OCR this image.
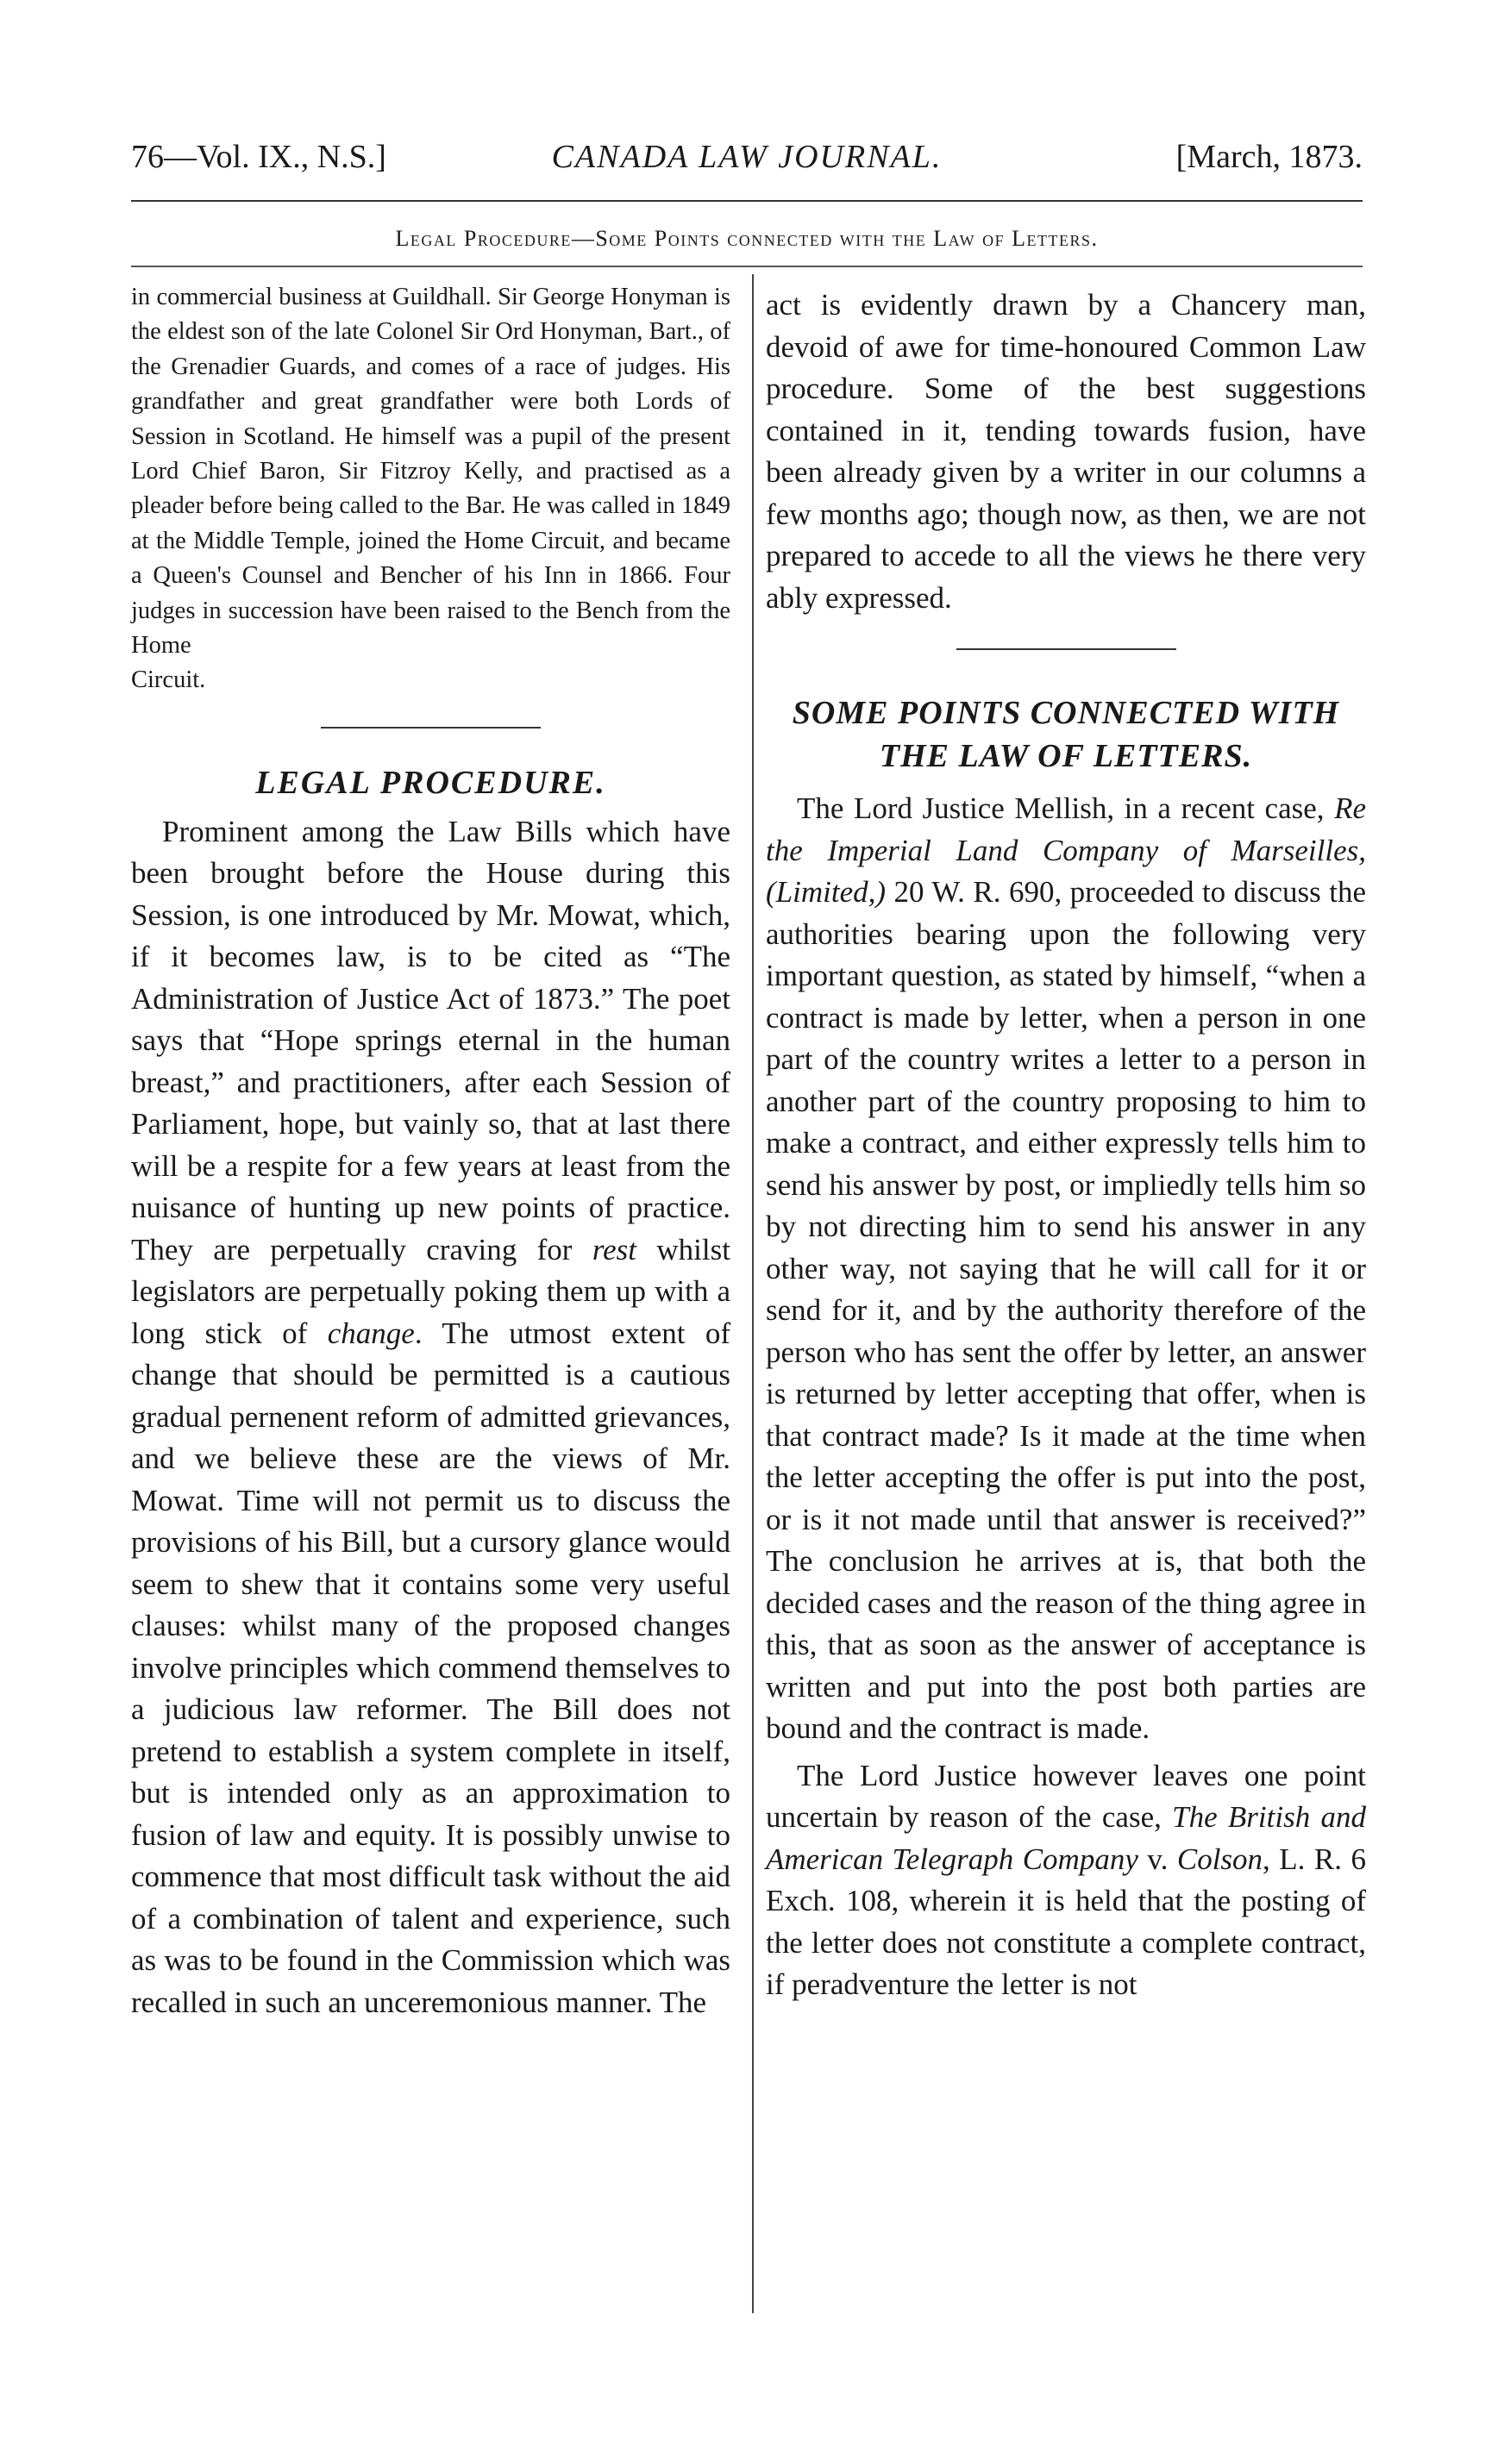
76—Vol. IX., N.S.]	CANADA LAW JOURNAL.	[March, 1873.
Legal Procedure—Some Points connected with the Law of Letters.

in commercial business at Guildhall. Sir George Honyman is the eldest son of the late Colonel Sir Ord Honyman, Bart., of the Grenadier Guards, and comes of a race of judges. His grandfather and great grandfather were both Lords of Session in Scotland. He himself was a pupil of the present Lord Chief Baron, Sir Fitzroy Kelly, and practised as a pleader before being called to the Bar. He was called in 1849 at the Middle Temple, joined the Home Circuit, and became a Queen's Counsel and Bencher of his Inn in 1866. Four judges in succession have been raised to the Bench from the Home

Circuit.

LEGAL PROCEDURE.

Prominent among the Law Bills which have been brought before the House during this Session, is one introduced by Mr. Mowat, which, if it becomes law, is to be cited as “The Administration of Justice Act of 1873.” The poet says that “Hope springs eternal in the human breast,” and practitioners, after each Session of Parliament, hope, but vainly so, that at last there will be a respite for a few years at least from the nuisance of hunting up new points of practice. They are perpetually craving for rest whilst legislators are perpetually poking them up with a long stick of change. The utmost extent of change that should be permitted is a cautious gradual pernenent reform of admitted grievances, and we believe these are the views of Mr. Mowat. Time will not permit us to discuss the provisions of his Bill, but a cursory glance would seem to shew that it contains some very useful clauses: whilst many of the proposed changes involve principles which commend themselves to a judicious law reformer. The Bill does not pretend to establish a system complete in itself, but is intended only as an approximation to fusion of law and equity. It is possibly unwise to commence that most difficult task without the aid of a combination of talent and experience, such as was to be found in the Commission which was recalled in such an unceremonious manner. The

act is evidently drawn by a Chancery man, devoid of awe for time-honoured Common Law procedure. Some of the best suggestions contained in it, tending towards fusion, have been already given by a writer in our columns a few months ago; though now, as then, we are not prepared to accede to all the views he there very ably expressed.

SOME POINTS CONNECTED WITH
THE LAW OF LETTERS.

The Lord Justice Mellish, in a recent case, Re the Imperial Land Company of Marseilles, (Limited,) 20 W. R. 690, proceeded to discuss the authorities bearing upon the following very important question, as stated by himself, “when a contract is made by letter, when a person in one part of the country writes a letter to a person in another part of the country proposing to him to make a contract, and either expressly tells him to send his answer by post, or impliedly tells him so by not directing him to send his answer in any other way, not saying that he will call for it or send for it, and by the authority therefore of the person who has sent the offer by letter, an answer is returned by letter accepting that offer, when is that contract made? Is it made at the time when the letter accepting the offer is put into the post, or is it not made until that answer is received?” The conclusion he arrives at is, that both the decided cases and the reason of the thing agree in this, that as soon as the answer of acceptance is written and put into the post both parties are bound and the contract is made.

The Lord Justice however leaves one point uncertain by reason of the case, The British and American Telegraph Company v. Colson, L. R. 6 Exch. 108, wherein it is held that the posting of the letter does not constitute a complete contract, if peradventure the letter is not
